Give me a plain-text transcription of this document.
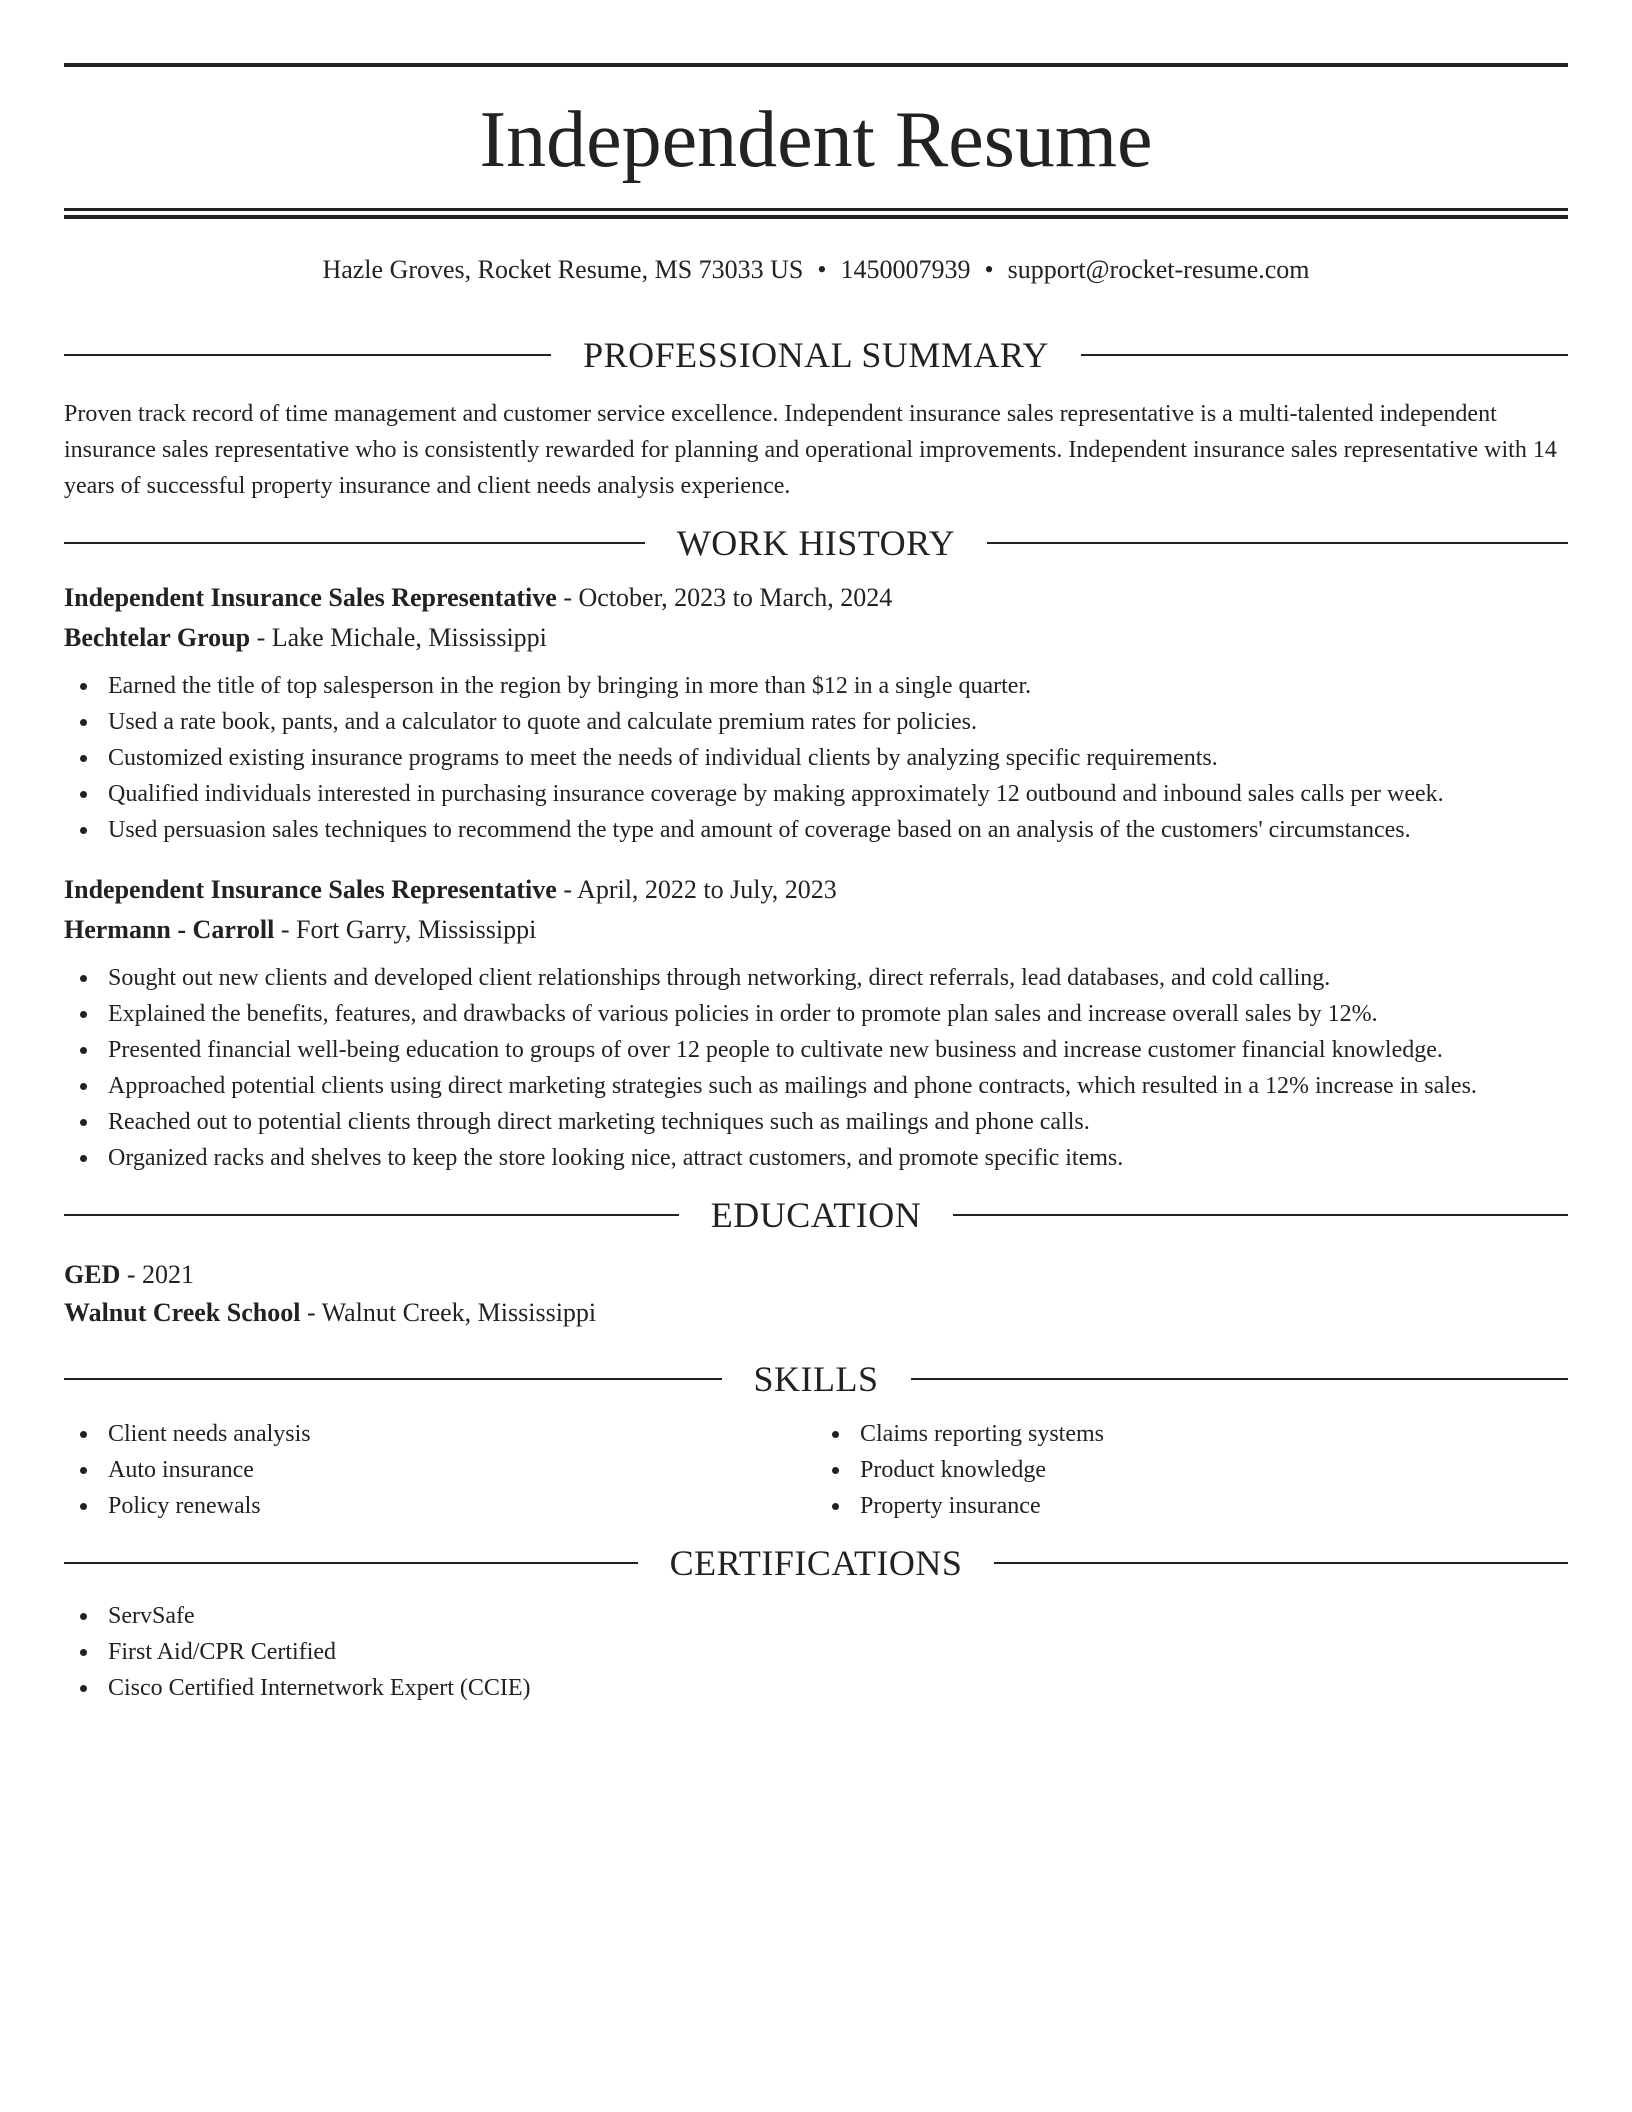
Independent Resume
Hazle Groves, Rocket Resume, MS 73033 US • 1450007939 • support@rocket-resume.com
PROFESSIONAL SUMMARY

Proven track record of time management and customer service excellence. Independent insurance sales representative is a multi-talented independent insurance sales representative who is consistently rewarded for planning and operational improvements. Independent insurance sales representative with 14 years of successful property insurance and client needs analysis experience.

WORK HISTORY
Independent Insurance Sales Representative - October, 2023 to March, 2024
Bechtelar Group - Lake Michale, Mississippi
Earned the title of top salesperson in the region by bringing in more than $12 in a single quarter.
Used a rate book, pants, and a calculator to quote and calculate premium rates for policies.
Customized existing insurance programs to meet the needs of individual clients by analyzing specific requirements.
Qualified individuals interested in purchasing insurance coverage by making approximately 12 outbound and inbound sales calls per week.
Used persuasion sales techniques to recommend the type and amount of coverage based on an analysis of the customers' circumstances.
Independent Insurance Sales Representative - April, 2022 to July, 2023
Hermann - Carroll - Fort Garry, Mississippi
Sought out new clients and developed client relationships through networking, direct referrals, lead databases, and cold calling.
Explained the benefits, features, and drawbacks of various policies in order to promote plan sales and increase overall sales by 12%.
Presented financial well-being education to groups of over 12 people to cultivate new business and increase customer financial knowledge.
Approached potential clients using direct marketing strategies such as mailings and phone contracts, which resulted in a 12% increase in sales.
Reached out to potential clients through direct marketing techniques such as mailings and phone calls.
Organized racks and shelves to keep the store looking nice, attract customers, and promote specific items.
EDUCATION
GED - 2021
Walnut Creek School - Walnut Creek, Mississippi
SKILLS
Client needs analysis
Auto insurance
Policy renewals
Claims reporting systems
Product knowledge
Property insurance
CERTIFICATIONS
ServSafe
First Aid/CPR Certified
Cisco Certified Internetwork Expert (CCIE)
